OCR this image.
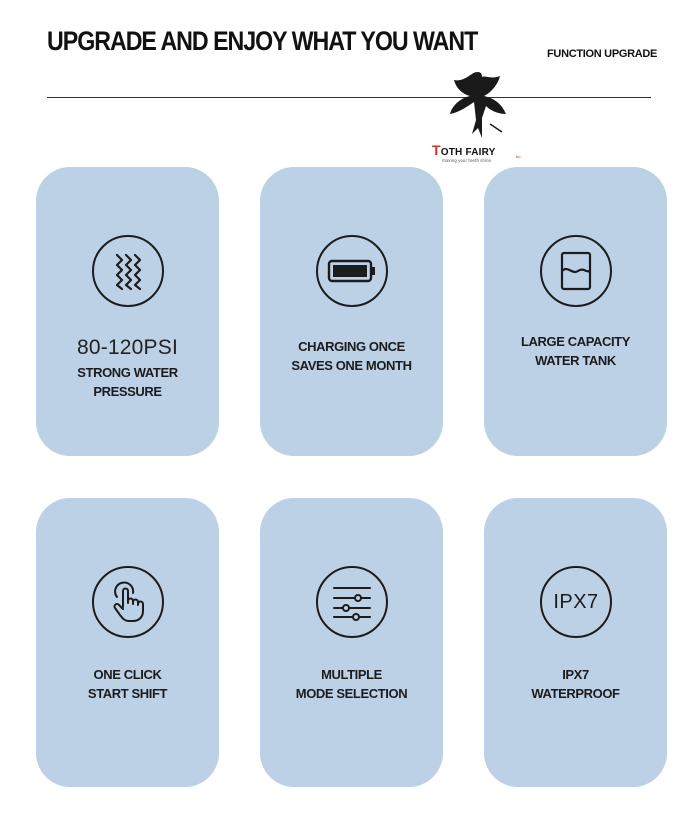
UPGRADE AND ENJOY WHAT YOU WANT	FUNCTION UPGRADE
TOTH FAIRY
making your teeth shine
tm
80-120PSI
STRONG WATER
PRESSURE
CHARGING ONCE
SAVES ONE MONTH
LARGE CAPACITY
WATER TANK
ONE CLICK
START SHIFT
MULTIPLE
MODE SELECTION
IPX7
IPX7
WATERPROOF
